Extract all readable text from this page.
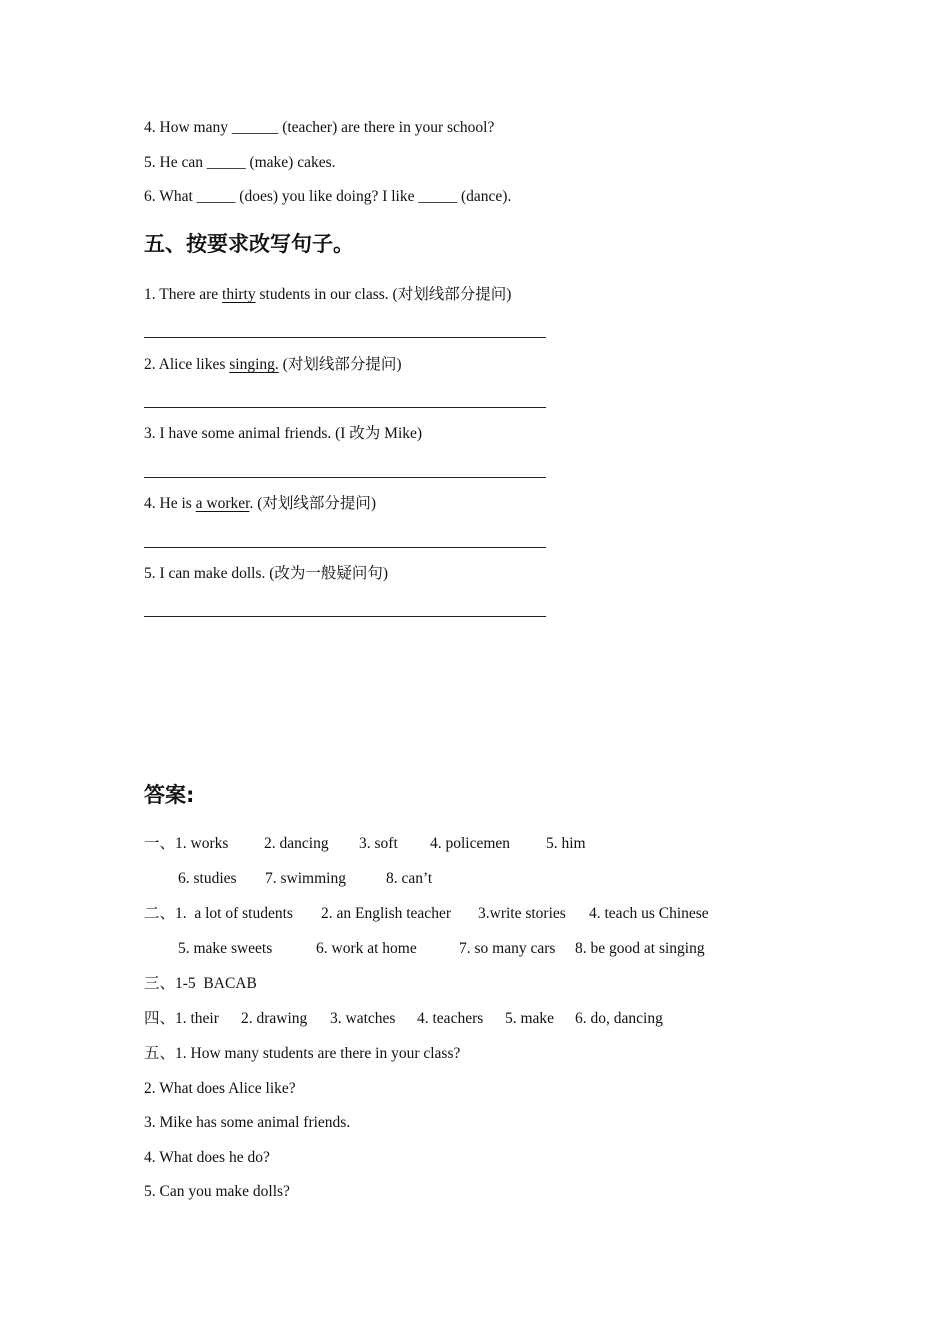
4. How many ______ (teacher) are there in your school?
5. He can _____ (make) cakes.
6. What _____ (does) you like doing? I like _____ (dance).
五、按要求改写句子。
1. There are thirty students in our class. (对划线部分提问)
2. Alice likes singing. (对划线部分提问)
3. I have some animal friends. (I 改为 Mike)
4. He is a worker. (对划线部分提问)
5. I can make dolls. (改为一般疑问句)
答案:
一、1. works 2. dancing 3. soft 4. policemen 5. him
6. studies 7. swimming	8. can’t
二、1.  a lot of students 2. an English teacher 3.write stories 4. teach us Chinese
5. make sweets	6. work at home	7. so many cars 8. be good at singing
三、1-5  BACAB
四、1. their 2. drawing 3. watches 4. teachers 5. make 6. do, dancing
五、1. How many students are there in your class?
2. What does Alice like?
3. Mike has some animal friends.
4. What does he do?
5. Can you make dolls?
